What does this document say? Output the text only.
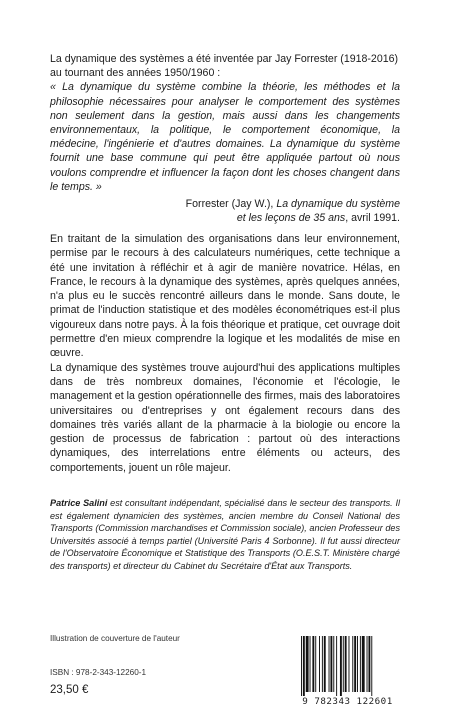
La dynamique des systèmes a été inventée par Jay Forrester (1918-2016)

au tournant des années 1950/1960 :

« La dynamique du système combine la théorie, les méthodes et la philosophie nécessaires pour analyser le comportement des systèmes non seulement dans la gestion, mais aussi dans les changements environnementaux, la politique, le comportement économique, la médecine, l'ingénierie et d'autres domaines. La dynamique du système fournit une base commune qui peut être appliquée partout où nous voulons comprendre et influencer la façon dont les choses changent dans le temps. »

Forrester (Jay W.), La dynamique du système
et les leçons de 35 ans, avril 1991.

En traitant de la simulation des organisations dans leur environnement, permise par le recours à des calculateurs numériques, cette technique a été une invitation à réfléchir et à agir de manière novatrice. Hélas, en France, le recours à la dynamique des systèmes, après quelques années, n'a plus eu le succès rencontré ailleurs dans le monde. Sans doute, le primat de l'induction statistique et des modèles économétriques est-il plus vigoureux dans notre pays. À la fois théorique et pratique, cet ouvrage doit permettre d'en mieux comprendre la logique et les modalités de mise en œuvre.

La dynamique des systèmes trouve aujourd'hui des applications multiples dans de très nombreux domaines, l'économie et l'écologie, le management et la gestion opérationnelle des firmes, mais des laboratoires universitaires ou d'entreprises y ont également recours dans des domaines très variés allant de la pharmacie à la biologie ou encore la gestion de processus de fabrication : partout où des interactions dynamiques, des interrelations entre éléments ou acteurs, des comportements, jouent un rôle majeur.

Patrice Salini est consultant indépendant, spécialisé dans le secteur des transports. Il est également dynamicien des systèmes, ancien membre du Conseil National des Transports (Commission marchandises et Commission sociale), ancien Professeur des Universités associé à temps partiel (Université Paris 4 Sorbonne). Il fut aussi directeur de l'Observatoire Économique et Statistique des Transports (O.E.S.T. Ministère chargé des transports) et directeur du Cabinet du Secrétaire d'État aux Transports.

Illustration de couverture de l'auteur
ISBN : 978-2-343-12260-1
23,50 €
9 782343 122601
